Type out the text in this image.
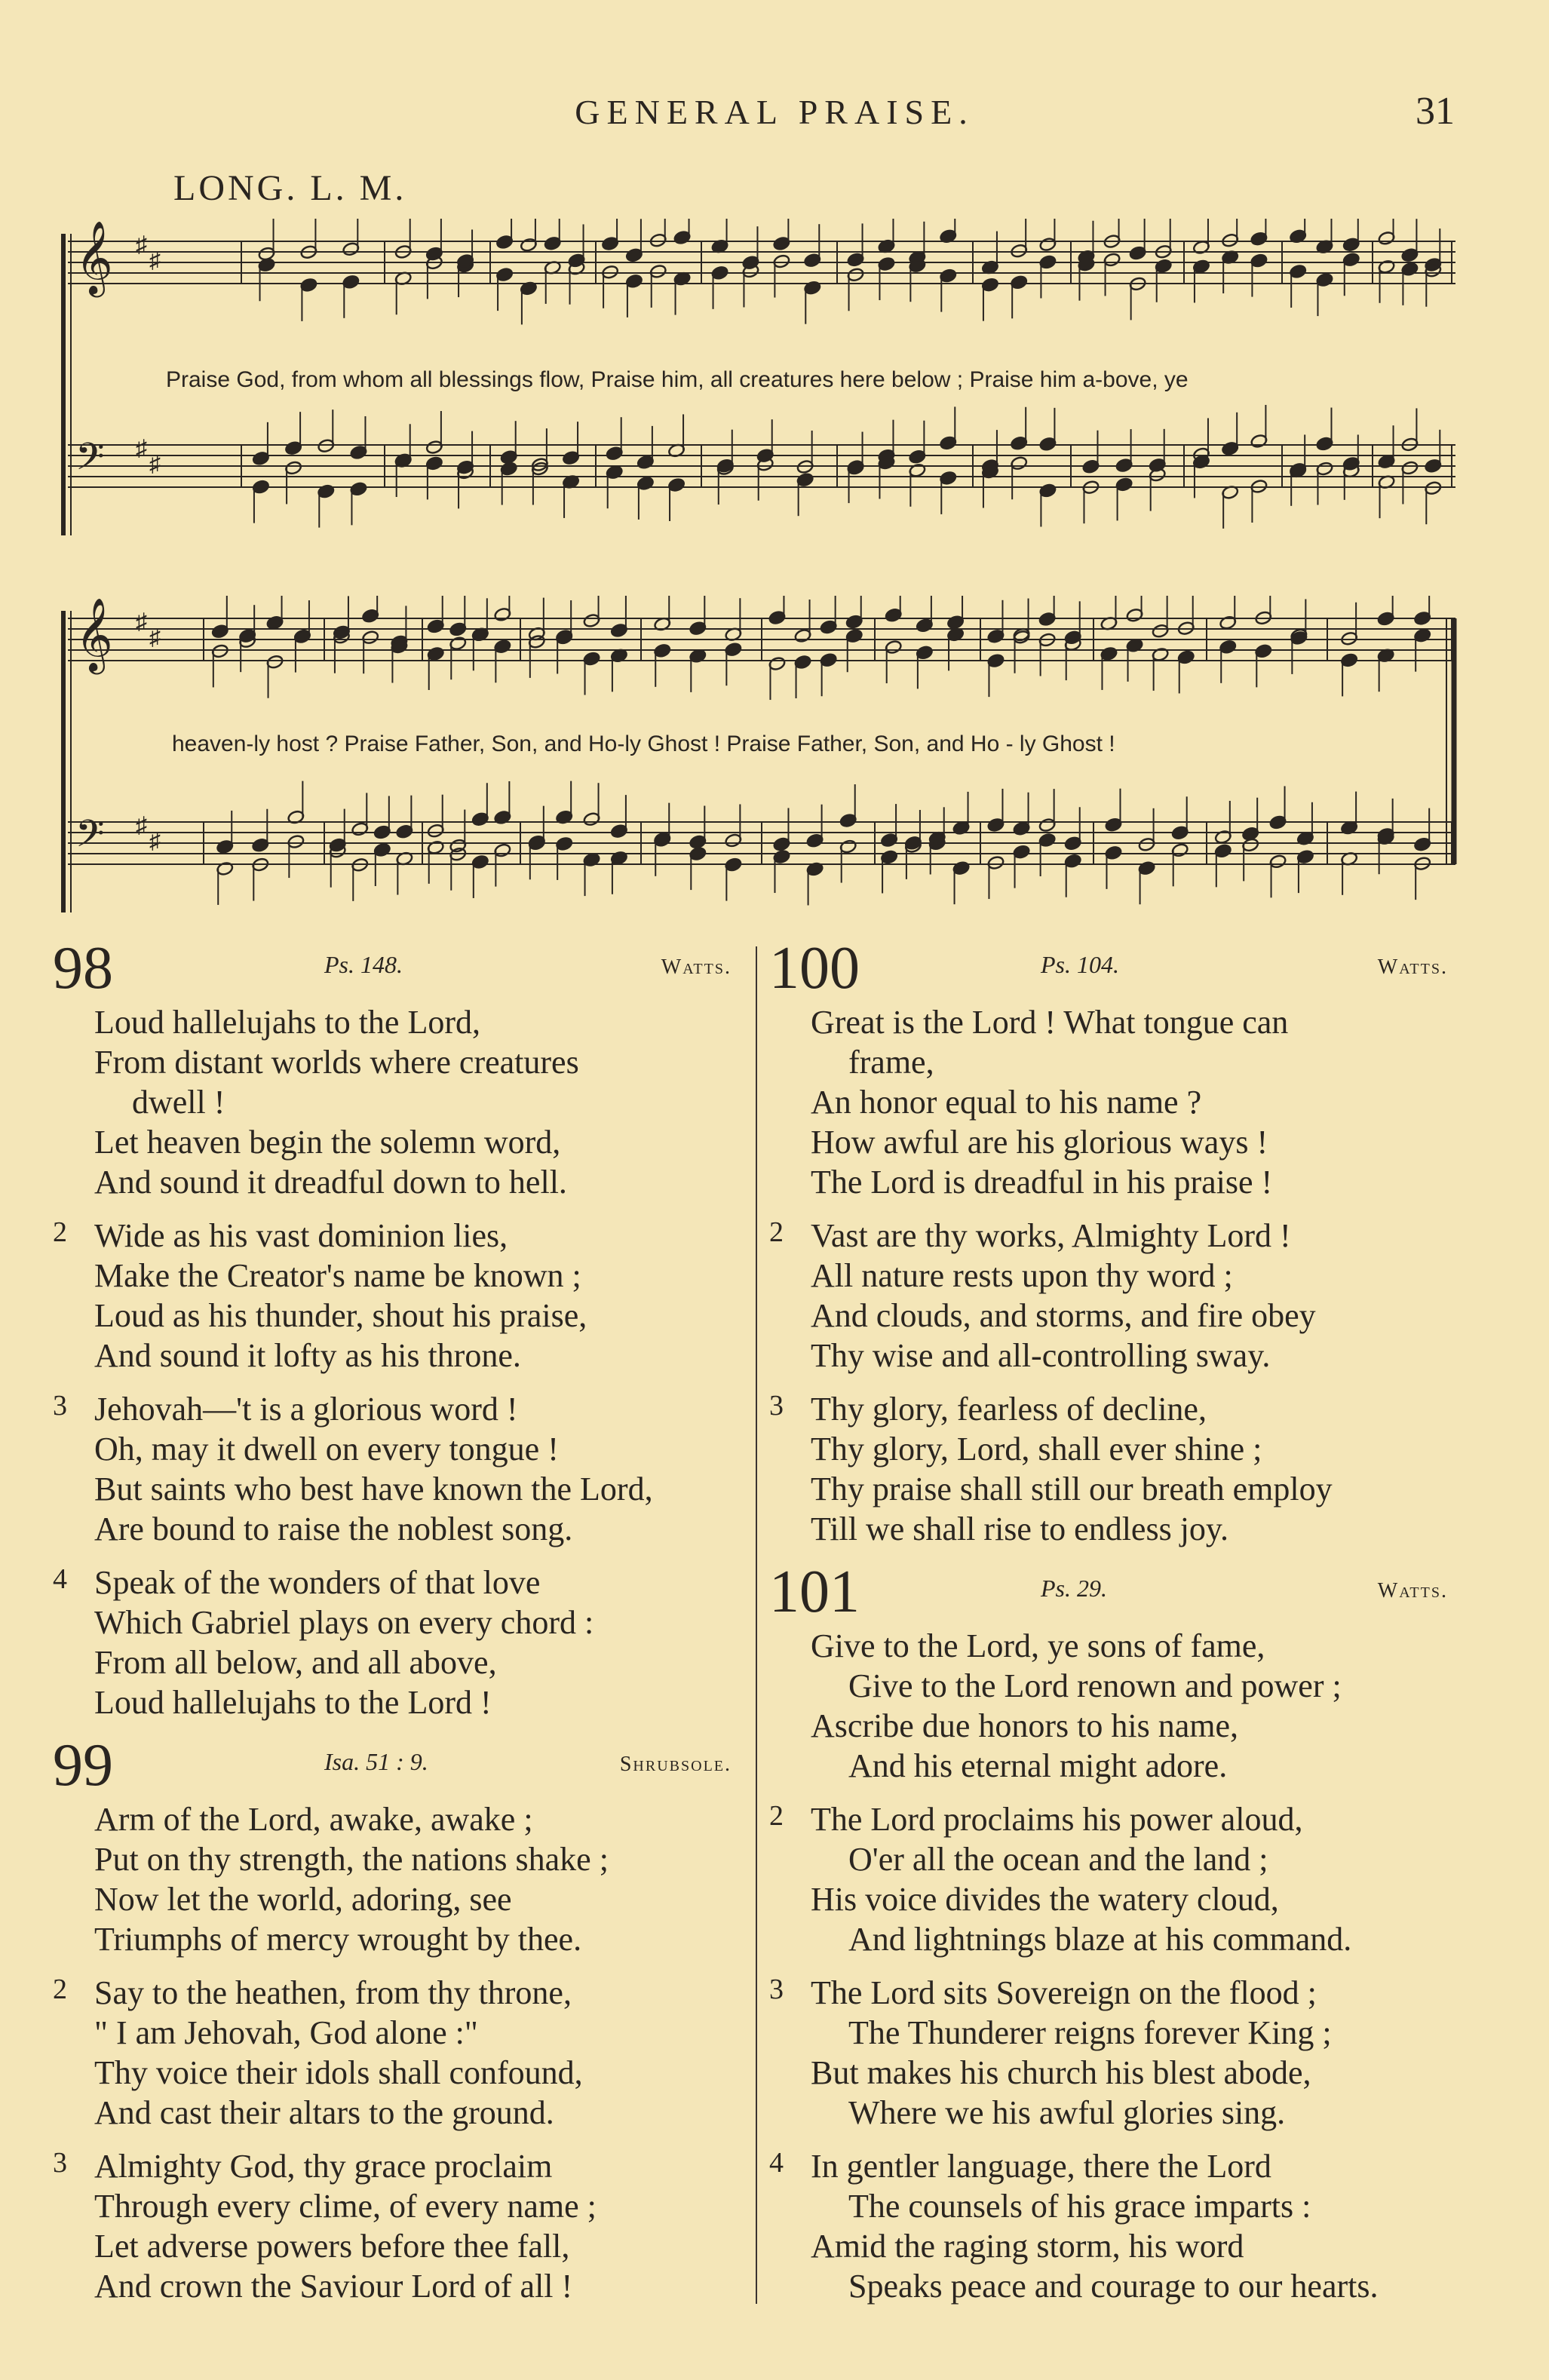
GENERAL PRAISE.	31
LONG. L. M.
𝄞 ♯
♯
𝄢 ♯
♯
Praise God, from whom all blessings flow, Praise him, all creatures here below ; Praise him a-bove, ye
𝄞 ♯
♯
𝄢 ♯
♯
heaven-ly host ? Praise Father, Son, and Ho-ly Ghost ! Praise Father, Son, and Ho - ly Ghost !
98	Ps. 148.	Watts.
Loud hallelujahs to the Lord,
From distant worlds where creatures
dwell !
Let heaven begin the solemn word,
And sound it dreadful down to hell.
2 Wide as his vast dominion lies,
Make the Creator's name be known ;
Loud as his thunder, shout his praise,
And sound it lofty as his throne.
3 Jehovah—'t is a glorious word !
Oh, may it dwell on every tongue !
But saints who best have known the Lord,
Are bound to raise the noblest song.
4 Speak of the wonders of that love
Which Gabriel plays on every chord :
From all below, and all above,
Loud hallelujahs to the Lord !
99	Isa. 51 : 9.	Shrubsole.
Arm of the Lord, awake, awake ;
Put on thy strength, the nations shake ;
Now let the world, adoring, see
Triumphs of mercy wrought by thee.
2 Say to the heathen, from thy throne,
" I am Jehovah, God alone :"
Thy voice their idols shall confound,
And cast their altars to the ground.
3 Almighty God, thy grace proclaim
Through every clime, of every name ;
Let adverse powers before thee fall,
And crown the Saviour Lord of all !
100	Ps. 104.	Watts.
Great is the Lord ! What tongue can
frame,
An honor equal to his name ?
How awful are his glorious ways !
The Lord is dreadful in his praise !
2 Vast are thy works, Almighty Lord !
All nature rests upon thy word ;
And clouds, and storms, and fire obey
Thy wise and all-controlling sway.
3 Thy glory, fearless of decline,
Thy glory, Lord, shall ever shine ;
Thy praise shall still our breath employ
Till we shall rise to endless joy.
101	Ps. 29.	Watts.
Give to the Lord, ye sons of fame,
Give to the Lord renown and power ;
Ascribe due honors to his name,
And his eternal might adore.
2 The Lord proclaims his power aloud,
O'er all the ocean and the land ;
His voice divides the watery cloud,
And lightnings blaze at his command.
3 The Lord sits Sovereign on the flood ;
The Thunderer reigns forever King ;
But makes his church his blest abode,
Where we his awful glories sing.
4 In gentler language, there the Lord
The counsels of his grace imparts :
Amid the raging storm, his word
Speaks peace and courage to our hearts.
